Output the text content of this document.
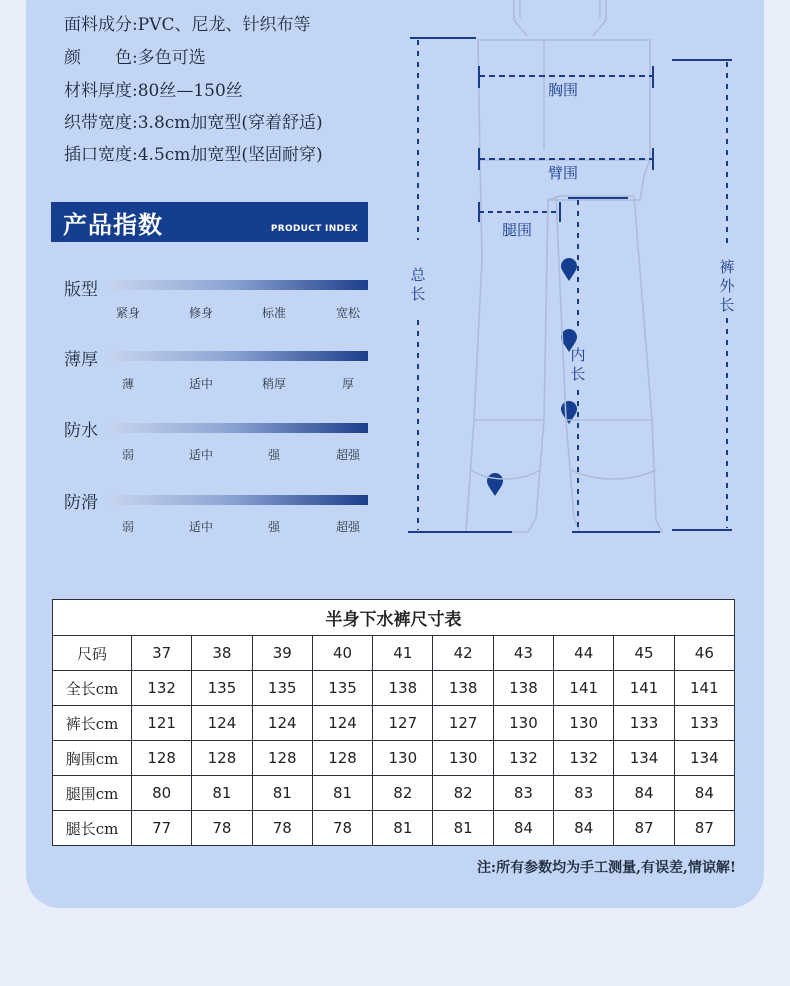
面料成分:PVC、尼龙、针织布等
颜　　色:多色可选
材料厚度:80丝—150丝
织带宽度:3.8cm加宽型(穿着舒适)
插口宽度:4.5cm加宽型(坚固耐穿)
产品指数	PRODUCT INDEX
版型
紧身	修身	标准	宽松
薄厚
薄	适中	稍厚	厚
防水
弱	适中	强	超强
防滑
弱	适中	强	超强
胸围
臂围
腿围
总
长
内
长
裤
外
长
半身下水裤尺寸表										
尺码	37	38	39	40	41	42	43	44	45	46
全长cm	132	135	135	135	138	138	138	141	141	141
裤长cm	121	124	124	124	127	127	130	130	133	133
胸围cm	128	128	128	128	130	130	132	132	134	134
腿围cm	80	81	81	81	82	82	83	83	84	84
腿长cm	77	78	78	78	81	81	84	84	87	87
注:所有参数均为手工测量,有误差,情谅解!
